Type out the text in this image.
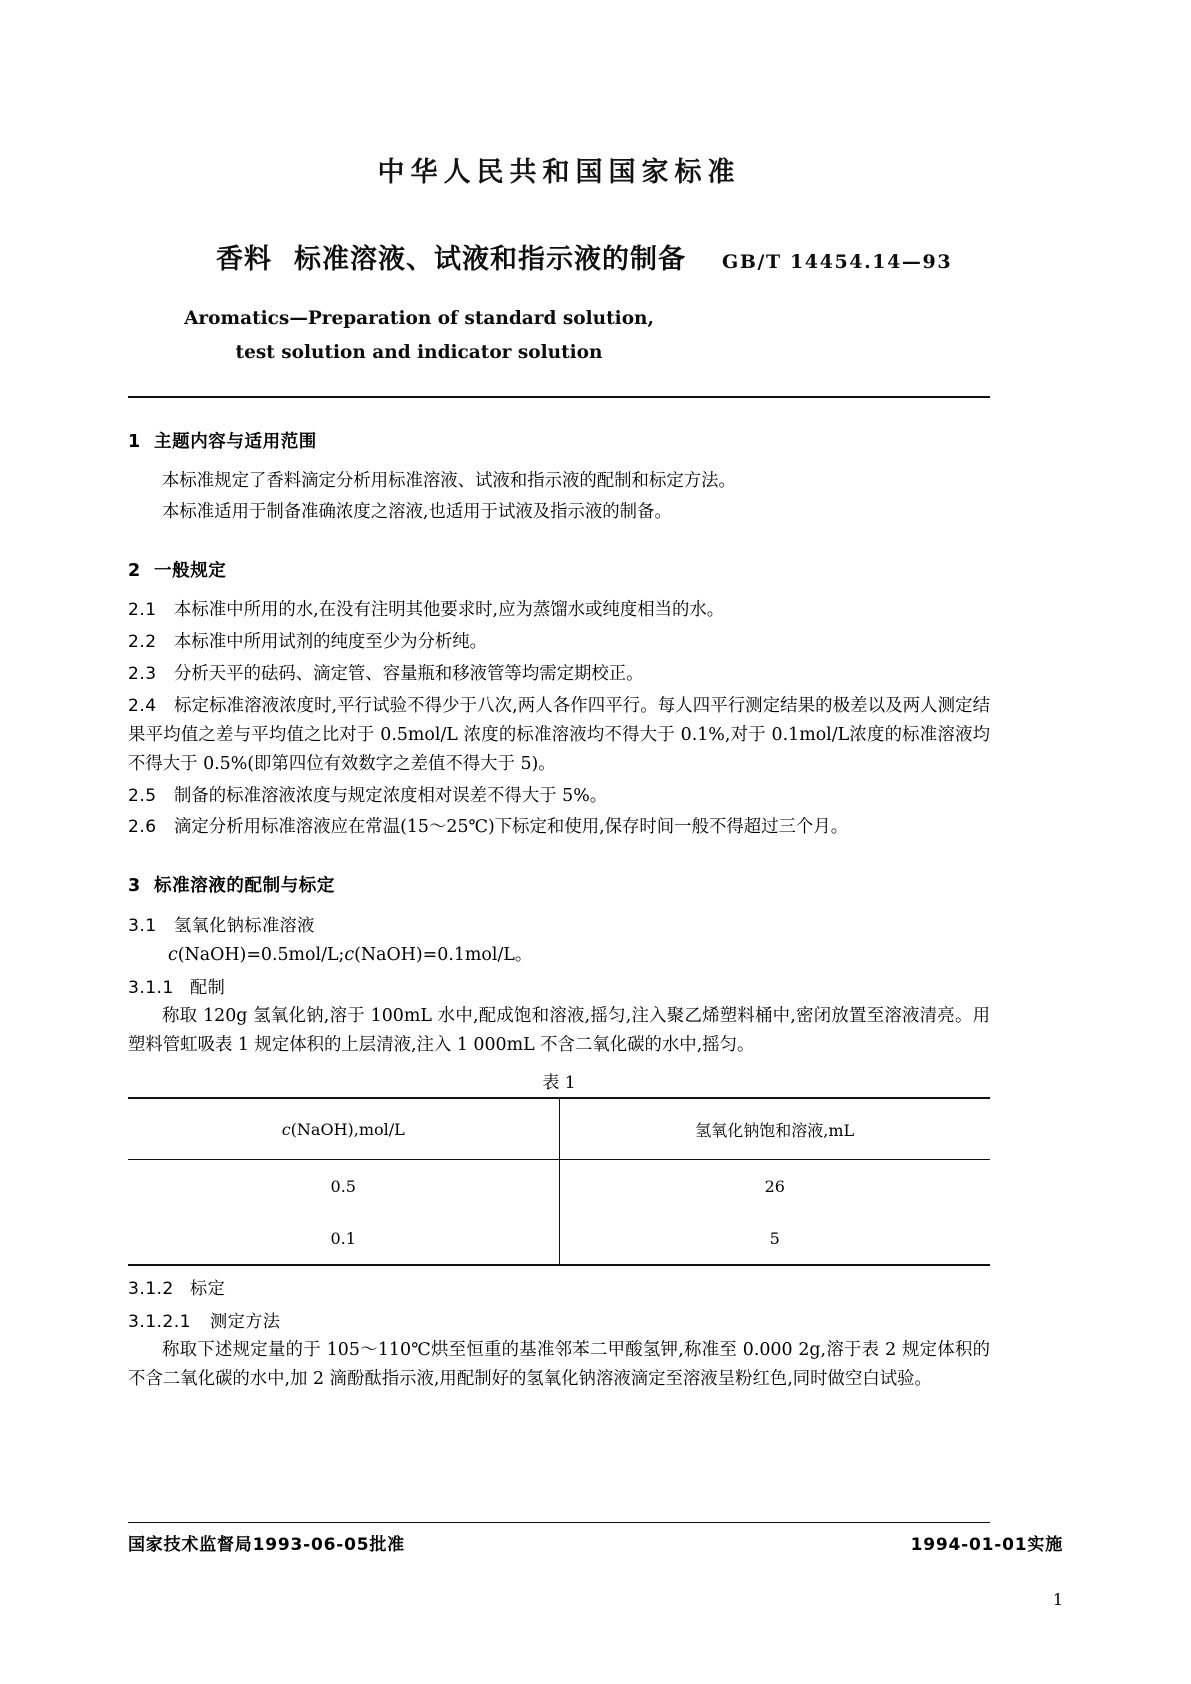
中华人民共和国国家标准
香料 标准溶液、试液和指示液的制备 GB/T 14454.14—93
Aromatics—Preparation of standard solution,
test solution and indicator solution
1 主题内容与适用范围

本标准规定了香料滴定分析用标准溶液、试液和指示液的配制和标定方法。

本标准适用于制备准确浓度之溶液,也适用于试液及指示液的制备。

2 一般规定

2.1 本标准中所用的水,在没有注明其他要求时,应为蒸馏水或纯度相当的水。

2.2 本标准中所用试剂的纯度至少为分析纯。

2.3 分析天平的砝码、滴定管、容量瓶和移液管等均需定期校正。

2.4 标定标准溶液浓度时,平行试验不得少于八次,两人各作四平行。每人四平行测定结果的极差以及两人测定结果平均值之差与平均值之比对于 0.5mol/L 浓度的标准溶液均不得大于 0.1%,对于 0.1mol/L浓度的标准溶液均不得大于 0.5%(即第四位有效数字之差值不得大于 5)。

2.5 制备的标准溶液浓度与规定浓度相对误差不得大于 5%。

2.6 滴定分析用标准溶液应在常温(15～25℃)下标定和使用,保存时间一般不得超过三个月。

3 标准溶液的配制与标定
3.1 氢氧化钠标准溶液
c(NaOH)=0.5mol/L;c(NaOH)=0.1mol/L。
3.1.1 配制

称取 120g 氢氧化钠,溶于 100mL 水中,配成饱和溶液,摇匀,注入聚乙烯塑料桶中,密闭放置至溶液清亮。用塑料管虹吸表 1 规定体积的上层清液,注入 1 000mL 不含二氧化碳的水中,摇匀。

表 1
c(NaOH),mol/L	氢氧化钠饱和溶液,mL
0.5	26
0.1	5
3.1.2 标定
3.1.2.1 测定方法

称取下述规定量的于 105～110℃烘至恒重的基准邻苯二甲酸氢钾,称准至 0.000 2g,溶于表 2 规定体积的不含二氧化碳的水中,加 2 滴酚酞指示液,用配制好的氢氧化钠溶液滴定至溶液呈粉红色,同时做空白试验。

国家技术监督局1993-06-05批准	1994-01-01实施
1
